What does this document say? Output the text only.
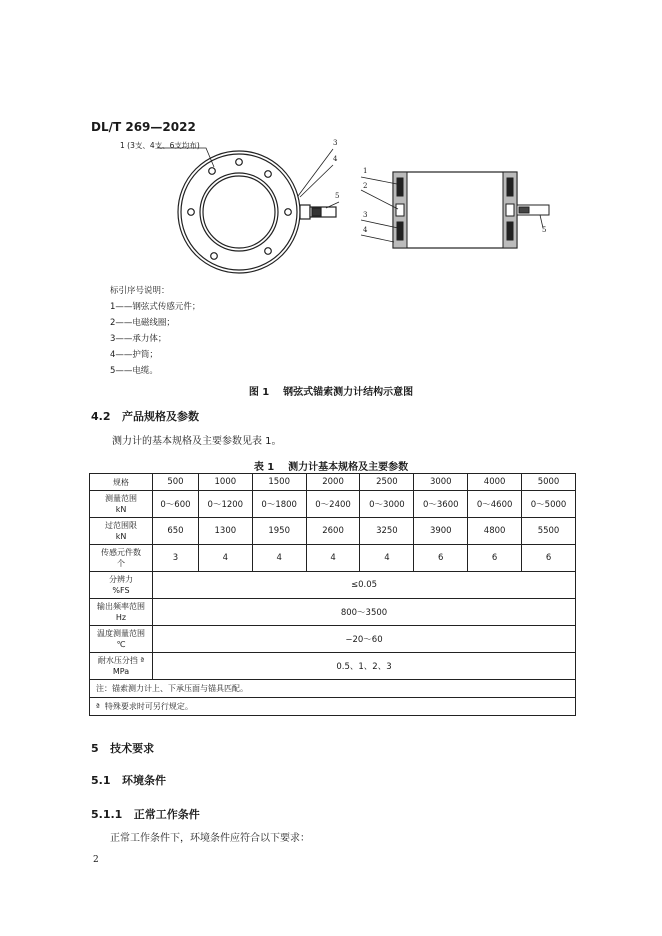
DL/T 269—2022
1 (3支、4支、6支均布)	3
4
5
1
2
3
4	5
标引序号说明：
1——钢弦式传感元件；
2——电磁线圈；
3——承力体；
4——护筒；
5——电缆。
图 1    钢弦式锚索测力计结构示意图
4.2   产品规格及参数
测力计的基本规格及主要参数见表 1。
表 1    测力计基本规格及主要参数
规格	500	1000	1500	2000	2500	3000	4000	5000

测量范围
kN	0～600	0～1200	0～1800	0～2400	0～3000	0～3600	0～4600	0～5000

过范围限
kN	650	1300	1950	2600	3250	3900	4800	5500

传感元件数
个	3	4	4	4	4	6	6	6

分辨力
%FS	≤0.05							

输出频率范围
Hz	800～3500							

温度测量范围
℃	−20～60							

耐水压分挡 ª
MPa	0.5、1、2、3							
注：锚索测力计上、下承压面与锚具匹配。								
ª  特殊要求时可另行规定。								
5   技术要求
5.1   环境条件
5.1.1   正常工作条件
正常工作条件下，环境条件应符合以下要求：
2
